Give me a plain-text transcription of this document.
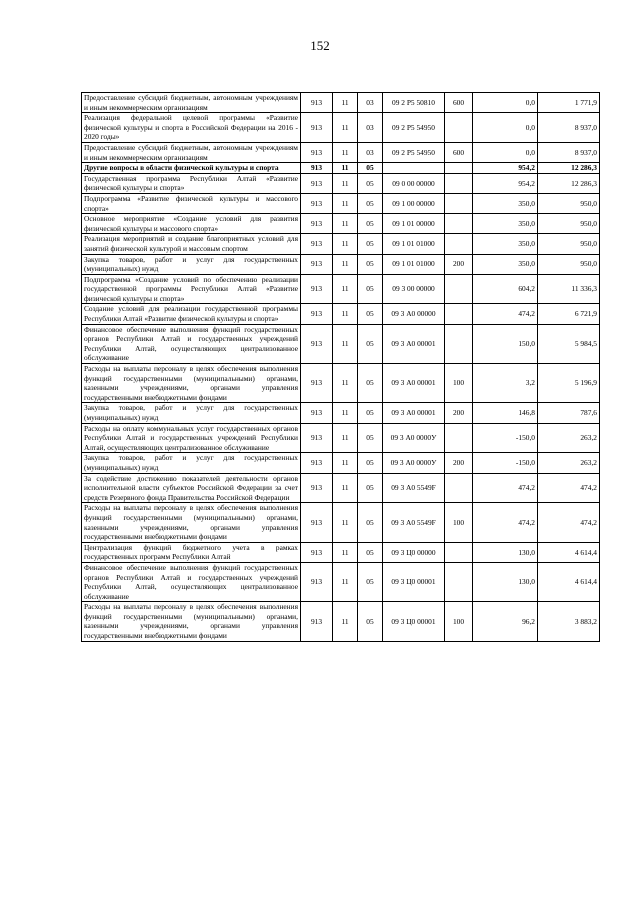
152
Предоставление субсидий бюджетным, автономным учреждениям и иным некоммерческим организациям	913	11	03	09 2 Р5 50810	600	0,0	1 771,9
Реализация федеральной целевой программы «Развитие физической культуры и спорта в Российской Федерации на 2016 - 2020 годы»	913	11	03	09 2 Р5 54950		0,0	8 937,0
Предоставление субсидий бюджетным, автономным учреждениям и иным некоммерческим организациям	913	11	03	09 2 Р5 54950	600	0,0	8 937,0
Другие вопросы в области физической культуры и спорта	913	11	05			954,2	12 286,3
Государственная программа Республики Алтай «Развитие физической культуры и спорта»	913	11	05	09 0 00 00000		954,2	12 286,3
Подпрограмма «Развитие физической культуры и массового спорта»	913	11	05	09 1 00 00000		350,0	950,0
Основное мероприятие «Создание условий для развития физической культуры и массового спорта»	913	11	05	09 1 01 00000		350,0	950,0
Реализация мероприятий и создание благоприятных условий для занятий физической культурой и массовым спортом	913	11	05	09 1 01 01000		350,0	950,0
Закупка товаров, работ и услуг для государственных (муниципальных) нужд	913	11	05	09 1 01 01000	200	350,0	950,0
Подпрограмма «Создание условий по обеспечению реализации государственной программы Республики Алтай «Развитие физической культуры и спорта»	913	11	05	09 3 00 00000		604,2	11 336,3
Создание условий для реализации государственной программы Республики Алтай «Развитие физической культуры и спорта»	913	11	05	09 3 А0 00000		474,2	6 721,9
Финансовое обеспечение выполнения функций государственных органов Республики Алтай и государственных учреждений Республики Алтай, осуществляющих централизованное обслуживание	913	11	05	09 3 А0 00001		150,0	5 984,5
Расходы на выплаты персоналу в целях обеспечения выполнения функций государственными (муниципальными) органами, казенными учреждениями, органами управления государственными внебюджетными фондами	913	11	05	09 3 А0 00001	100	3,2	5 196,9
Закупка товаров, работ и услуг для государственных (муниципальных) нужд	913	11	05	09 3 А0 00001	200	146,8	787,6
Расходы на оплату коммунальных услуг государственных органов Республики Алтай и государственных учреждений Республики Алтай, осуществляющих централизованное обслуживание	913	11	05	09 3 А0 0000У		-150,0	263,2
Закупка товаров, работ и услуг для государственных (муниципальных) нужд	913	11	05	09 3 А0 0000У	200	-150,0	263,2
За содействие достижению показателей деятельности органов исполнительной власти субъектов Российской Федерации за счет средств Резервного фонда Правительства Российской Федерации	913	11	05	09 3 А0 5549F		474,2	474,2
Расходы на выплаты персоналу в целях обеспечения выполнения функций государственными (муниципальными) органами, казенными учреждениями, органами управления государственными внебюджетными фондами	913	11	05	09 3 А0 5549F	100	474,2	474,2
Централизация функций бюджетного учета в рамках государственных программ Республики Алтай	913	11	05	09 3 Ц0 00000		130,0	4 614,4
Финансовое обеспечение выполнения функций государственных органов Республики Алтай и государственных учреждений Республики Алтай, осуществляющих централизованное обслуживание	913	11	05	09 3 Ц0 00001		130,0	4 614,4
Расходы на выплаты персоналу в целях обеспечения выполнения функций государственными (муниципальными) органами, казенными учреждениями, органами управления государственными внебюджетными фондами	913	11	05	09 3 Ц0 00001	100	96,2	3 883,2
